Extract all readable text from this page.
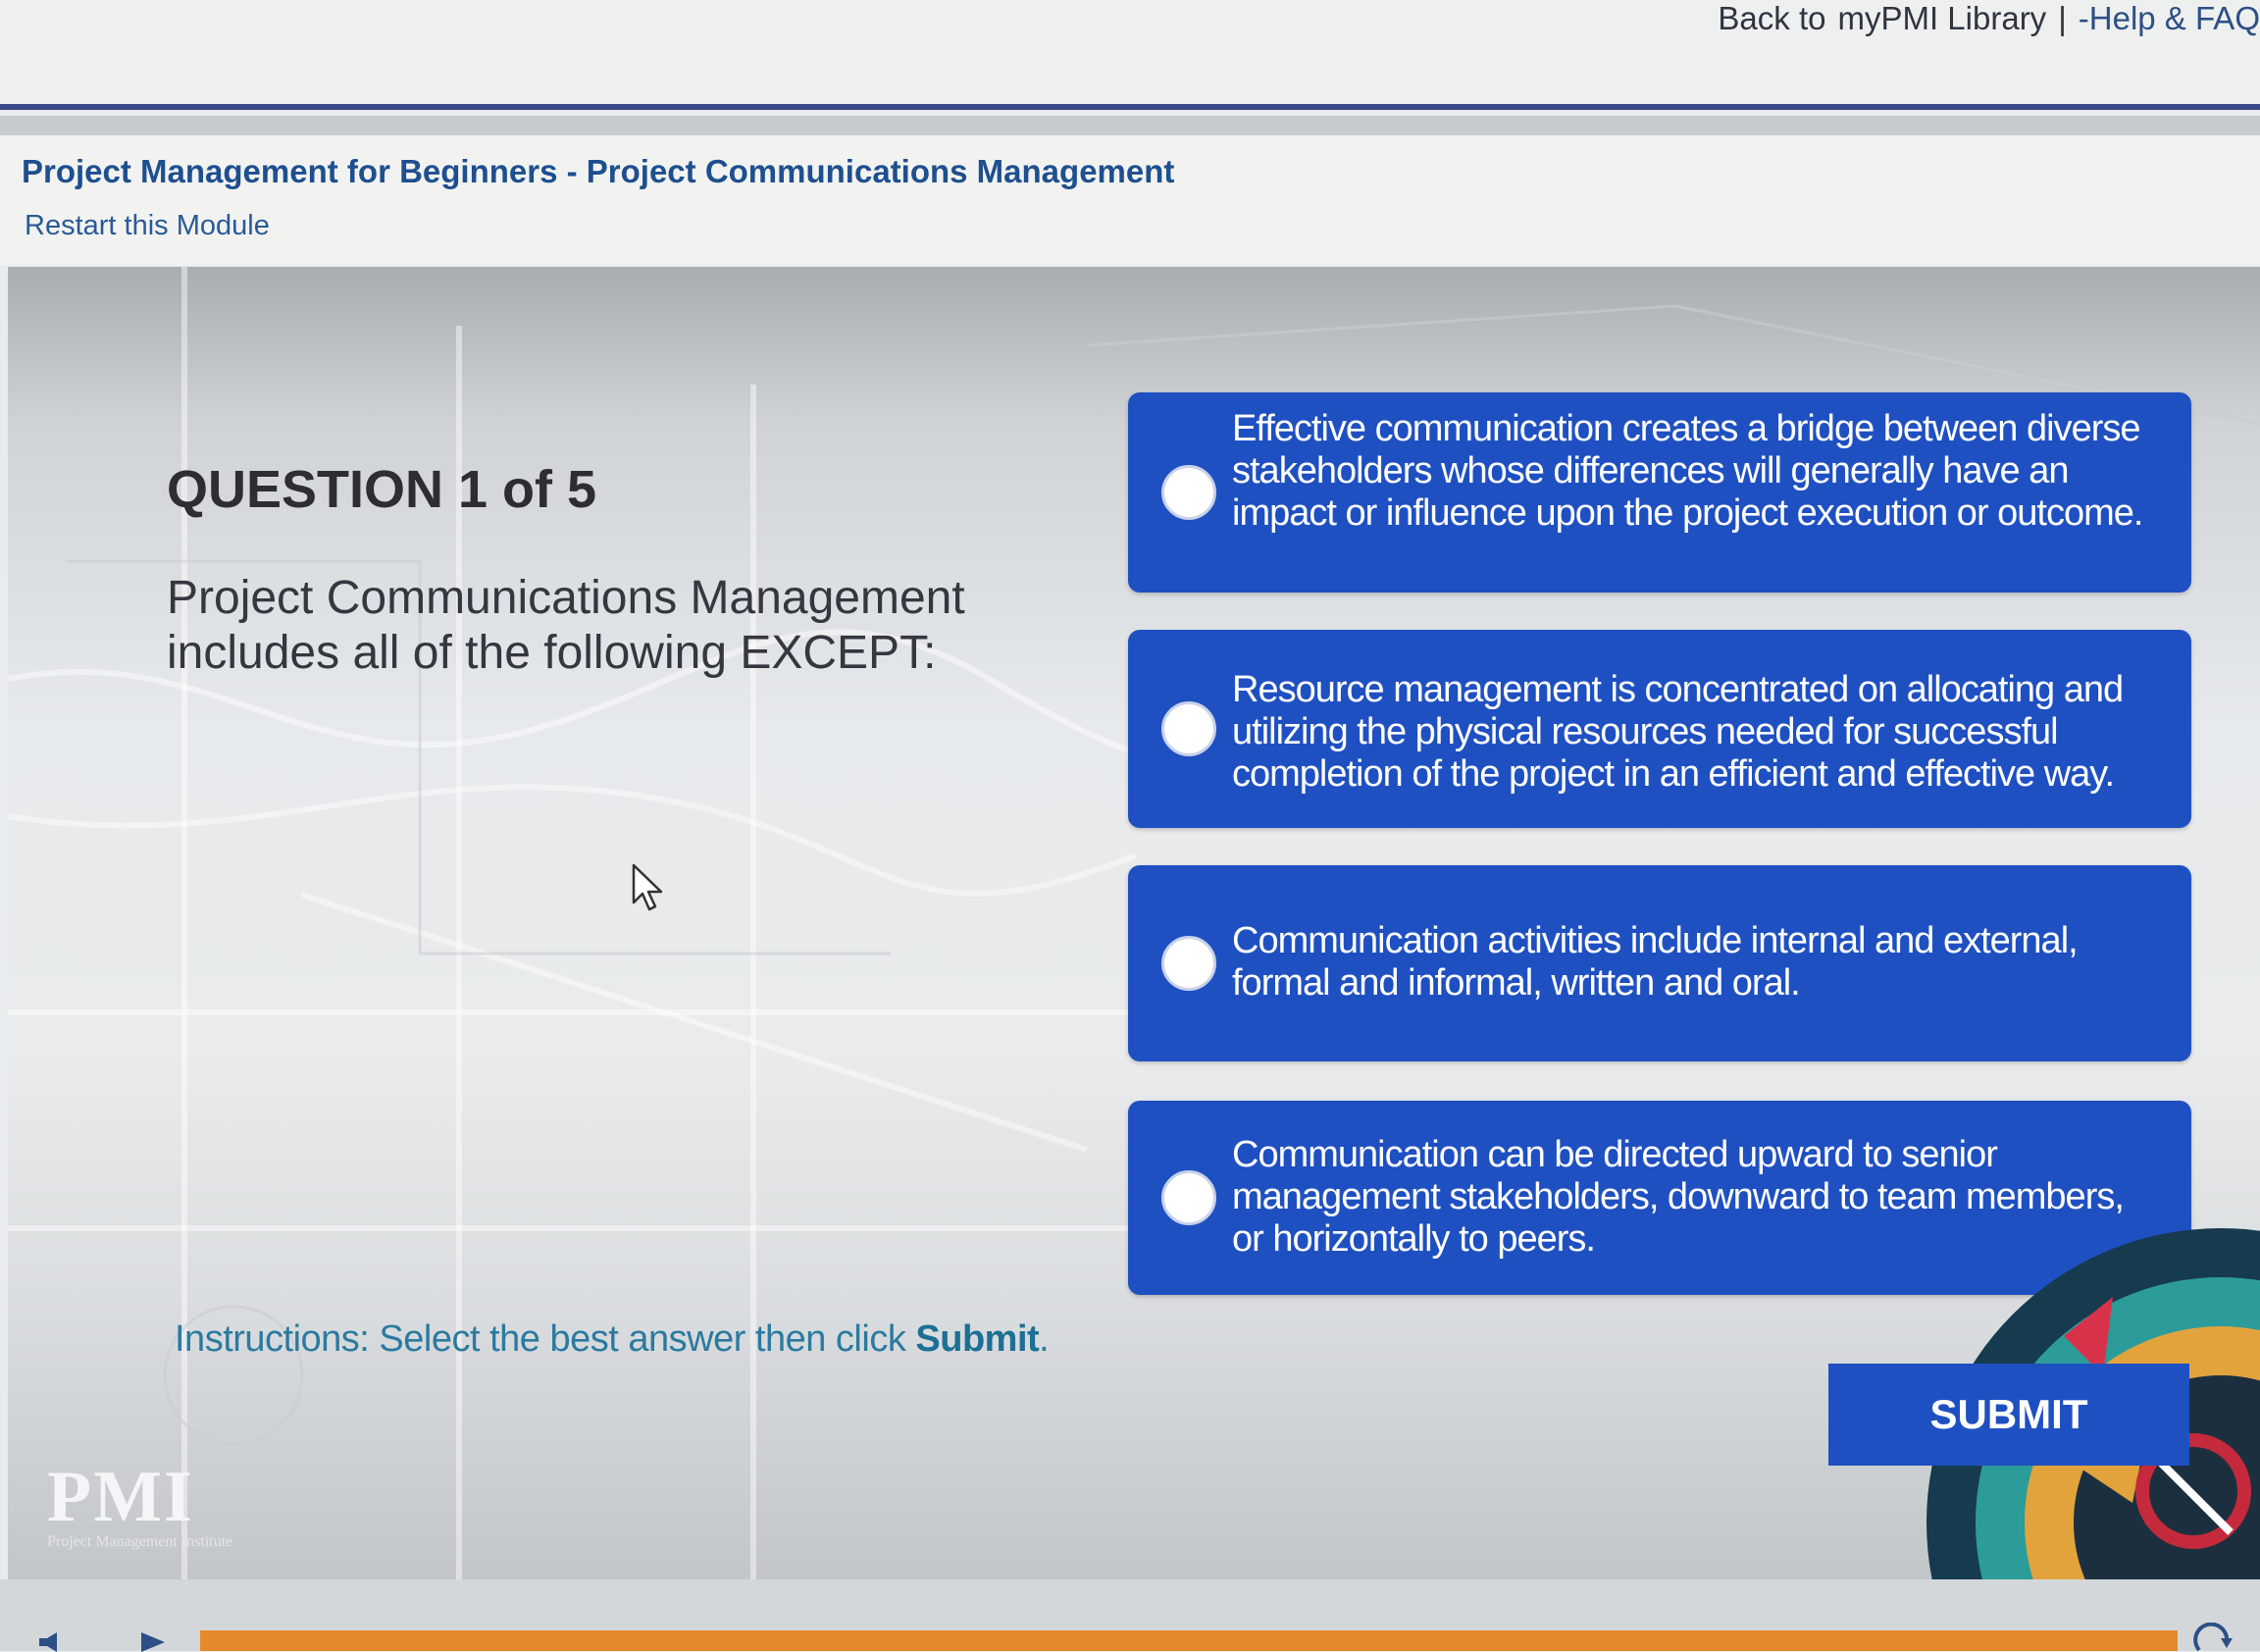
Back to myPMI Library | -Help & FAQ
Project Management for Beginners - Project Communications Management
Restart this Module
QUESTION 1 of 5
Project Communications Management includes all of the following EXCEPT:
Effective communication creates a bridge between diverse stakeholders whose differences will generally have an impact or influence upon the project execution or outcome.
Resource management is concentrated on allocating and utilizing the physical resources needed for successful completion of the project in an efficient and effective way.
Communication activities include internal and external, formal and informal, written and oral.
Communication can be directed upward to senior management stakeholders, downward to team members, or horizontally to peers.
Instructions: Select the best answer then click Submit.
SUBMIT
PMI
Project Management Institute
